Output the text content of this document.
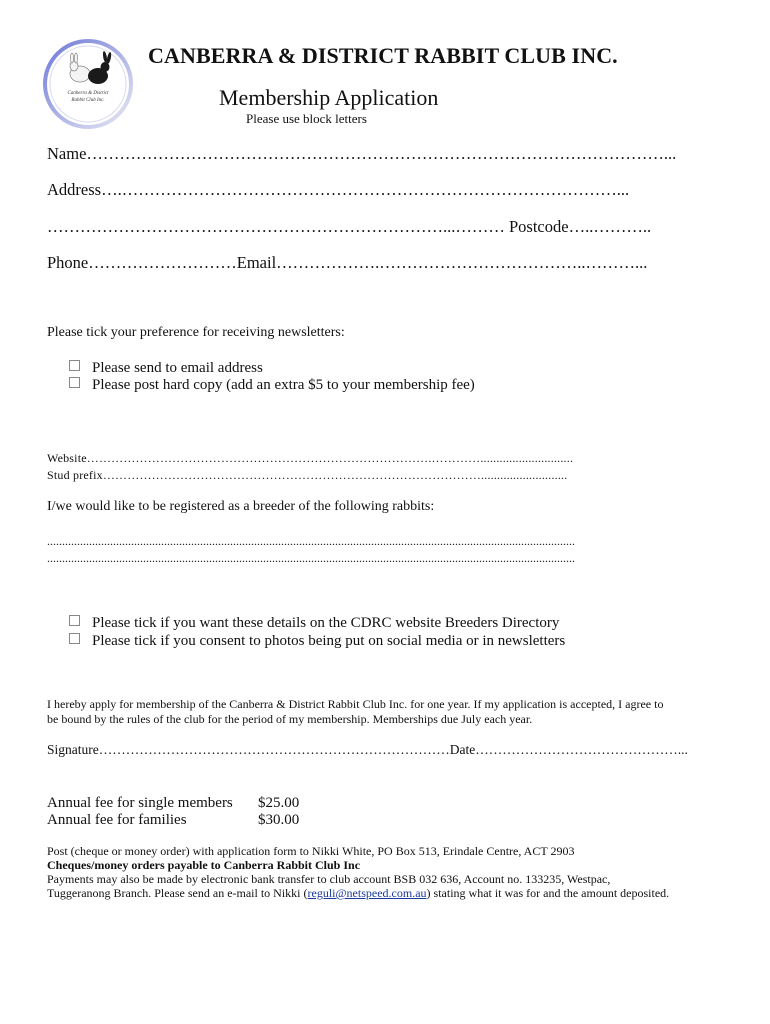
Canberra & District
Rabbit Club Inc.
CANBERRA & DISTRICT RABBIT CLUB INC.
Membership Application
Please use block letters
Name……………………………………………………………………………………………...
Address….………………………………………………………………………………...
………………………………………………………………...……… Postcode…..………..
Phone………………………Email……………….………………………………..………...
Please tick your preference for receiving newsletters:
Please send to email address
Please post hard copy (add an extra $5 to your membership fee)
Website………………………………………………………………………….………….............................
Stud prefix…………………………………………………………………………………...........................
I/we would like to be registered as a breeder of the following rabbits:
................................................................................................................................................................................
................................................................................................................................................................................
Please tick if you want these details on the CDRC website Breeders Directory
Please tick if you consent to photos being put on social media or in newsletters
I hereby apply for membership of the Canberra & District Rabbit Club Inc. for one year. If my application is accepted, I agree to
be bound by the rules of the club for the period of my membership. Memberships due July each year.
Signature……………………………………………………………………Date………………………………………...
Annual fee for single members $25.00
Annual fee for families	$30.00
Post (cheque or money order) with application form to Nikki White, PO Box 513, Erindale Centre, ACT 2903
Cheques/money orders payable to Canberra Rabbit Club Inc
Payments may also be made by electronic bank transfer to club account BSB 032 636, Account no. 133235, Westpac,
Tuggeranong Branch. Please send an e-mail to Nikki (reguli@netspeed.com.au) stating what it was for and the amount deposited.
